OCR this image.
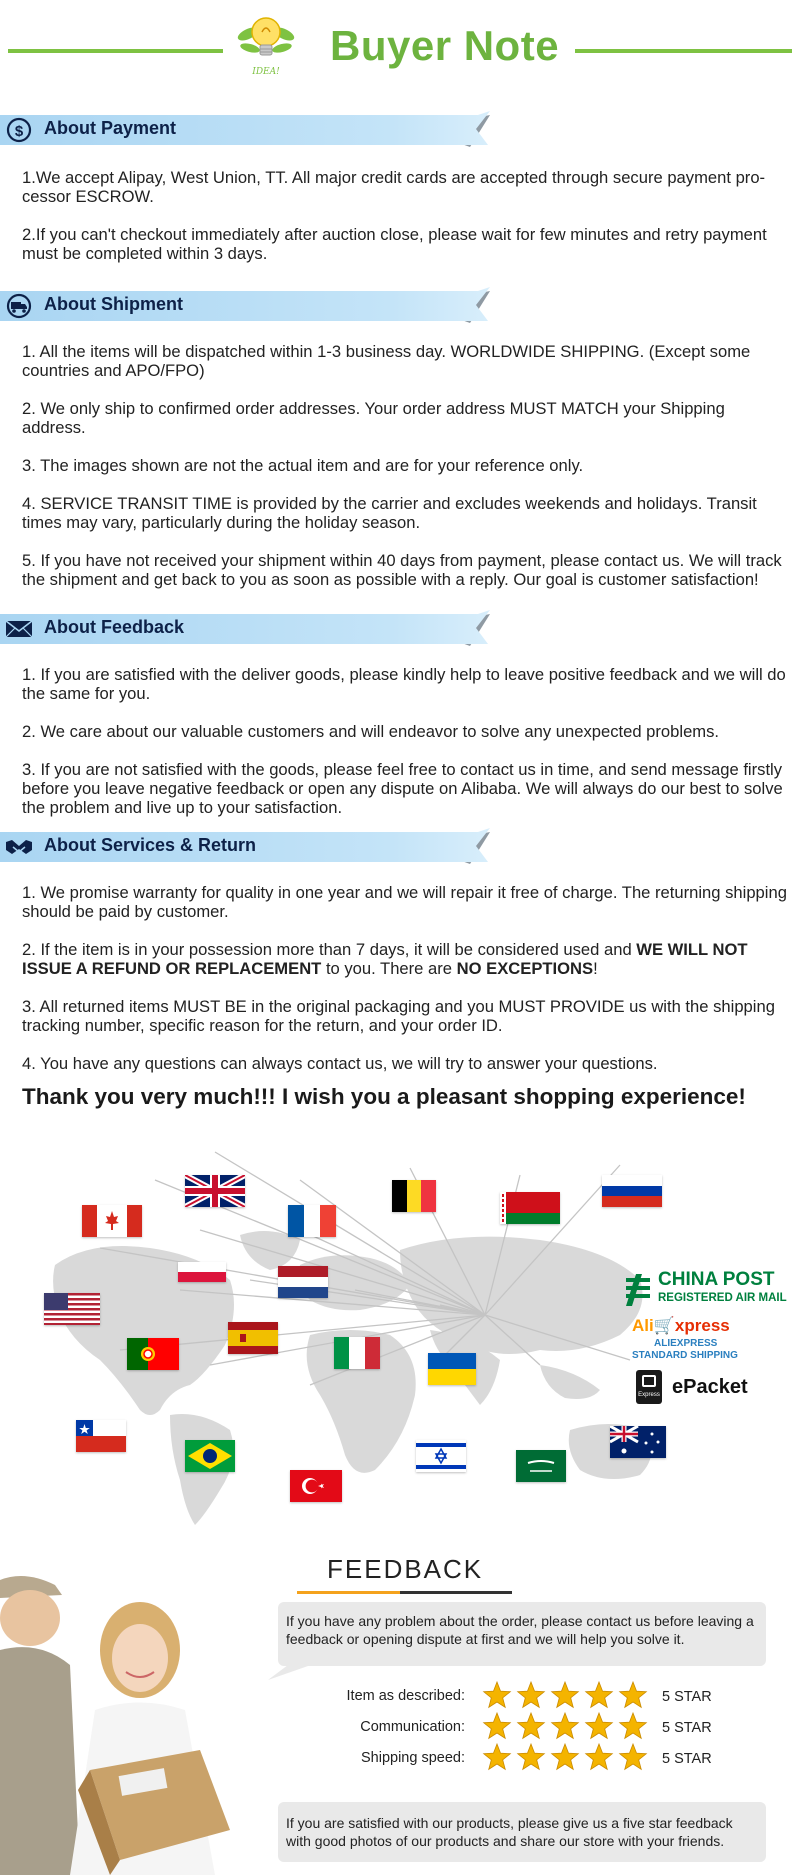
IDEA!
Buyer Note
$ About Payment

1.We accept Alipay, West Union, TT. All major credit cards are accepted through secure payment pro-cessor ESCROW.

2.If you can't checkout immediately after auction close, please wait for few minutes and retry payment must be completed within 3 days.

About Shipment

1. All the items will be dispatched within 1-3 business day. WORLDWIDE SHIPPING. (Except some countries and APO/FPO)

2. We only ship to confirmed order addresses. Your order address MUST MATCH your Shipping address.

3. The images shown are not the actual item and are for your reference only.

4. SERVICE TRANSIT TIME is provided by the carrier and excludes weekends and holidays. Transit times may vary, particularly during the holiday season.

5. If you have not received your shipment within 40 days from payment, please contact us. We will track the shipment and get back to you as soon as possible with a reply. Our goal is customer satisfaction!

About Feedback

1. If you are satisfied with the deliver goods, please kindly help to leave positive feedback and we will do the same for you.

2. We care about our valuable customers and will endeavor to solve any unexpected problems.

3. If you are not satisfied with the goods, please feel free to contact us in time, and send message firstly before you leave negative feedback or open any dispute on Alibaba. We will always do our best to solve the problem and live up to your satisfaction.

About Services & Return

1. We promise warranty for quality in one year and we will repair it free of charge. The returning shipping should be paid by customer.

2. If the item is in your possession more than 7 days, it will be considered used and WE WILL NOT ISSUE A REFUND OR REPLACEMENT to you. There are NO EXCEPTIONS!

3. All returned items MUST BE in the original packaging and you MUST PROVIDE us with the shipping tracking number, specific reason for the return, and your order ID.

4. You have any questions can always contact us, we will try to answer your questions.

Thank you very much!!! I wish you a pleasant shopping experience!
CHINA POST
REGISTERED AIR MAIL
Ali🛒xpress
ALIEXPRESS
STANDARD SHIPPING
Express ePacket
FEEDBACK
If you have any problem about the order, please contact us before leaving a feedback or opening dispute at first and we will help you solve it.
Item as described:	5 STAR
Communication:	5 STAR
Shipping speed:	5 STAR
If you are satisfied with our products, please give us a five star feedback with good photos of our products and share our store with your friends.
